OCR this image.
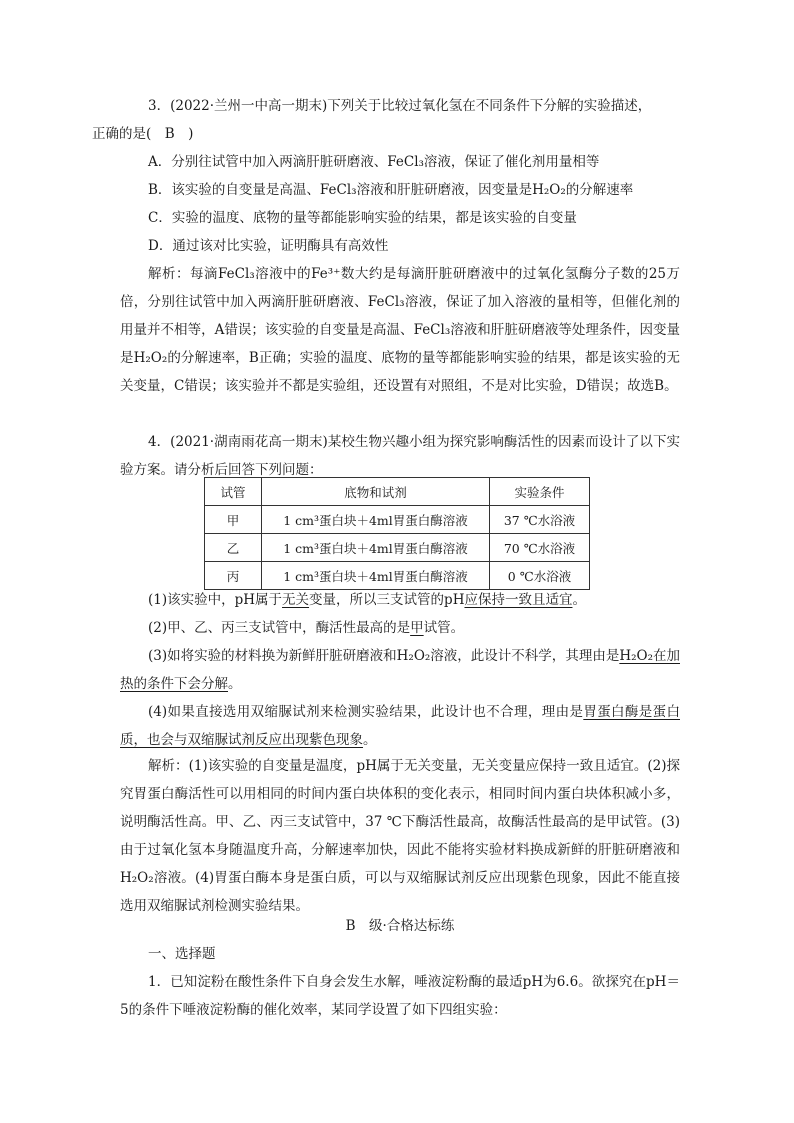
3．(2022·兰州一中高一期末)下列关于比较过氧化氢在不同条件下分解的实验描述，
正确的是(　B　)
A．分别往试管中加入两滴肝脏研磨液、FeCl₃溶液，保证了催化剂用量相等
B．该实验的自变量是高温、FeCl₃溶液和肝脏研磨液，因变量是H₂O₂的分解速率
C．实验的温度、底物的量等都能影响实验的结果，都是该实验的自变量
D．通过该对比实验，证明酶具有高效性
解析：每滴FeCl₃溶液中的Fe³⁺数大约是每滴肝脏研磨液中的过氧化氢酶分子数的25万倍，分别往试管中加入两滴肝脏研磨液、FeCl₃溶液，保证了加入溶液的量相等，但催化剂的用量并不相等，A错误；该实验的自变量是高温、FeCl₃溶液和肝脏研磨液等处理条件，因变量是H₂O₂的分解速率，B正确；实验的温度、底物的量等都能影响实验的结果，都是该实验的无关变量，C错误；该实验并不都是实验组，还设置有对照组，不是对比实验，D错误；故选B。
4．(2021·湖南雨花高一期末)某校生物兴趣小组为探究影响酶活性的因素而设计了以下实验方案。请分析后回答下列问题：
试管	底物和试剂	实验条件
甲	1 cm³蛋白块＋4ml胃蛋白酶溶液	37 ℃水浴液
乙	1 cm³蛋白块＋4ml胃蛋白酶溶液	70 ℃水浴液
丙	1 cm³蛋白块＋4ml胃蛋白酶溶液	0 ℃水浴液
(1)该实验中，pH属于无关变量，所以三支试管的pH应保持一致且适宜。
(2)甲、乙、丙三支试管中，酶活性最高的是甲试管。
(3)如将实验的材料换为新鲜肝脏研磨液和H₂O₂溶液，此设计不科学，其理由是H₂O₂在加热的条件下会分解。
(4)如果直接选用双缩脲试剂来检测实验结果，此设计也不合理，理由是胃蛋白酶是蛋白质，也会与双缩脲试剂反应出现紫色现象。
解析：(1)该实验的自变量是温度，pH属于无关变量，无关变量应保持一致且适宜。(2)探究胃蛋白酶活性可以用相同的时间内蛋白块体积的变化表示，相同时间内蛋白块体积减小多，说明酶活性高。甲、乙、丙三支试管中，37 ℃下酶活性最高，故酶活性最高的是甲试管。(3)由于过氧化氢本身随温度升高，分解速率加快，因此不能将实验材料换成新鲜的肝脏研磨液和H₂O₂溶液。(4)胃蛋白酶本身是蛋白质，可以与双缩脲试剂反应出现紫色现象，因此不能直接选用双缩脲试剂检测实验结果。
B　级·合格达标练
一、选择题
1．已知淀粉在酸性条件下自身会发生水解，唾液淀粉酶的最适pH为6.6。欲探究在pH＝5的条件下唾液淀粉酶的催化效率，某同学设置了如下四组实验：
